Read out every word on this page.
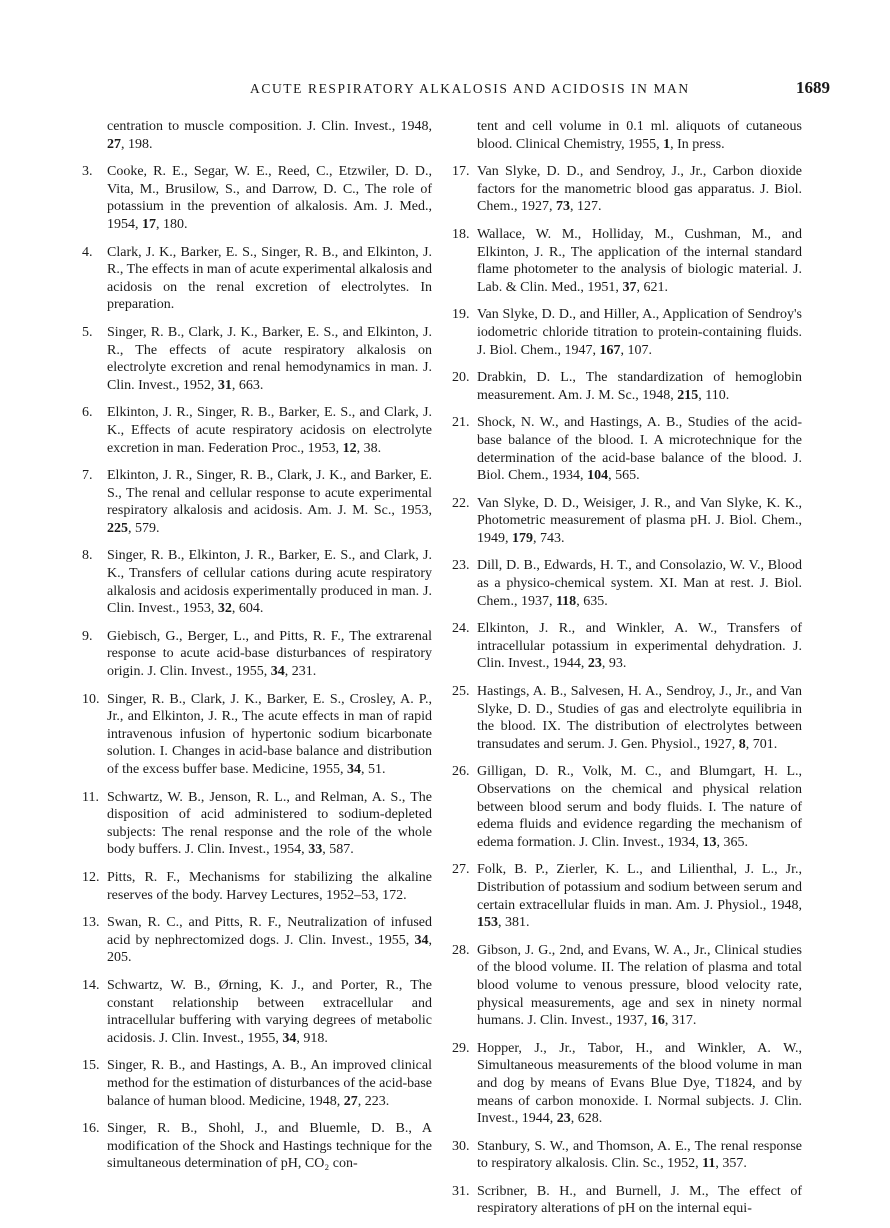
ACUTE RESPIRATORY ALKALOSIS AND ACIDOSIS IN MAN	1689
centration to muscle composition. J. Clin. Invest., 1948, 27, 198.
3. Cooke, R. E., Segar, W. E., Reed, C., Etzwiler, D. D., Vita, M., Brusilow, S., and Darrow, D. C., The role of potassium in the prevention of alkalosis. Am. J. Med., 1954, 17, 180.
4. Clark, J. K., Barker, E. S., Singer, R. B., and Elkinton, J. R., The effects in man of acute experimental alkalosis and acidosis on the renal excretion of electrolytes. In preparation.
5. Singer, R. B., Clark, J. K., Barker, E. S., and Elkinton, J. R., The effects of acute respiratory alkalosis on electrolyte excretion and renal hemodynamics in man. J. Clin. Invest., 1952, 31, 663.
6. Elkinton, J. R., Singer, R. B., Barker, E. S., and Clark, J. K., Effects of acute respiratory acidosis on electrolyte excretion in man. Federation Proc., 1953, 12, 38.
7. Elkinton, J. R., Singer, R. B., Clark, J. K., and Barker, E. S., The renal and cellular response to acute experimental respiratory alkalosis and acidosis. Am. J. M. Sc., 1953, 225, 579.
8. Singer, R. B., Elkinton, J. R., Barker, E. S., and Clark, J. K., Transfers of cellular cations during acute respiratory alkalosis and acidosis experimentally produced in man. J. Clin. Invest., 1953, 32, 604.
9. Giebisch, G., Berger, L., and Pitts, R. F., The extrarenal response to acute acid-base disturbances of respiratory origin. J. Clin. Invest., 1955, 34, 231.
10. Singer, R. B., Clark, J. K., Barker, E. S., Crosley, A. P., Jr., and Elkinton, J. R., The acute effects in man of rapid intravenous infusion of hypertonic sodium bicarbonate solution. I. Changes in acid-base balance and distribution of the excess buffer base. Medicine, 1955, 34, 51.
11. Schwartz, W. B., Jenson, R. L., and Relman, A. S., The disposition of acid administered to sodium-depleted subjects: The renal response and the role of the whole body buffers. J. Clin. Invest., 1954, 33, 587.
12. Pitts, R. F., Mechanisms for stabilizing the alkaline reserves of the body. Harvey Lectures, 1952–53, 172.
13. Swan, R. C., and Pitts, R. F., Neutralization of infused acid by nephrectomized dogs. J. Clin. Invest., 1955, 34, 205.
14. Schwartz, W. B., Ørning, K. J., and Porter, R., The constant relationship between extracellular and intracellular buffering with varying degrees of metabolic acidosis. J. Clin. Invest., 1955, 34, 918.
15. Singer, R. B., and Hastings, A. B., An improved clinical method for the estimation of disturbances of the acid-base balance of human blood. Medicine, 1948, 27, 223.
16. Singer, R. B., Shohl, J., and Bluemle, D. B., A modification of the Shock and Hastings technique for the simultaneous determination of pH, CO₂ con-
tent and cell volume in 0.1 ml. aliquots of cutaneous blood. Clinical Chemistry, 1955, 1, In press.
17. Van Slyke, D. D., and Sendroy, J., Jr., Carbon dioxide factors for the manometric blood gas apparatus. J. Biol. Chem., 1927, 73, 127.
18. Wallace, W. M., Holliday, M., Cushman, M., and Elkinton, J. R., The application of the internal standard flame photometer to the analysis of biologic material. J. Lab. & Clin. Med., 1951, 37, 621.
19. Van Slyke, D. D., and Hiller, A., Application of Sendroy's iodometric chloride titration to protein-containing fluids. J. Biol. Chem., 1947, 167, 107.
20. Drabkin, D. L., The standardization of hemoglobin measurement. Am. J. M. Sc., 1948, 215, 110.
21. Shock, N. W., and Hastings, A. B., Studies of the acid-base balance of the blood. I. A microtechnique for the determination of the acid-base balance of the blood. J. Biol. Chem., 1934, 104, 565.
22. Van Slyke, D. D., Weisiger, J. R., and Van Slyke, K. K., Photometric measurement of plasma pH. J. Biol. Chem., 1949, 179, 743.
23. Dill, D. B., Edwards, H. T., and Consolazio, W. V., Blood as a physico-chemical system. XI. Man at rest. J. Biol. Chem., 1937, 118, 635.
24. Elkinton, J. R., and Winkler, A. W., Transfers of intracellular potassium in experimental dehydration. J. Clin. Invest., 1944, 23, 93.
25. Hastings, A. B., Salvesen, H. A., Sendroy, J., Jr., and Van Slyke, D. D., Studies of gas and electrolyte equilibria in the blood. IX. The distribution of electrolytes between transudates and serum. J. Gen. Physiol., 1927, 8, 701.
26. Gilligan, D. R., Volk, M. C., and Blumgart, H. L., Observations on the chemical and physical relation between blood serum and body fluids. I. The nature of edema fluids and evidence regarding the mechanism of edema formation. J. Clin. Invest., 1934, 13, 365.
27. Folk, B. P., Zierler, K. L., and Lilienthal, J. L., Jr., Distribution of potassium and sodium between serum and certain extracellular fluids in man. Am. J. Physiol., 1948, 153, 381.
28. Gibson, J. G., 2nd, and Evans, W. A., Jr., Clinical studies of the blood volume. II. The relation of plasma and total blood volume to venous pressure, blood velocity rate, physical measurements, age and sex in ninety normal humans. J. Clin. Invest., 1937, 16, 317.
29. Hopper, J., Jr., Tabor, H., and Winkler, A. W., Simultaneous measurements of the blood volume in man and dog by means of Evans Blue Dye, T1824, and by means of carbon monoxide. I. Normal subjects. J. Clin. Invest., 1944, 23, 628.
30. Stanbury, S. W., and Thomson, A. E., The renal response to respiratory alkalosis. Clin. Sc., 1952, 11, 357.
31. Scribner, B. H., and Burnell, J. M., The effect of respiratory alterations of pH on the internal equi-
